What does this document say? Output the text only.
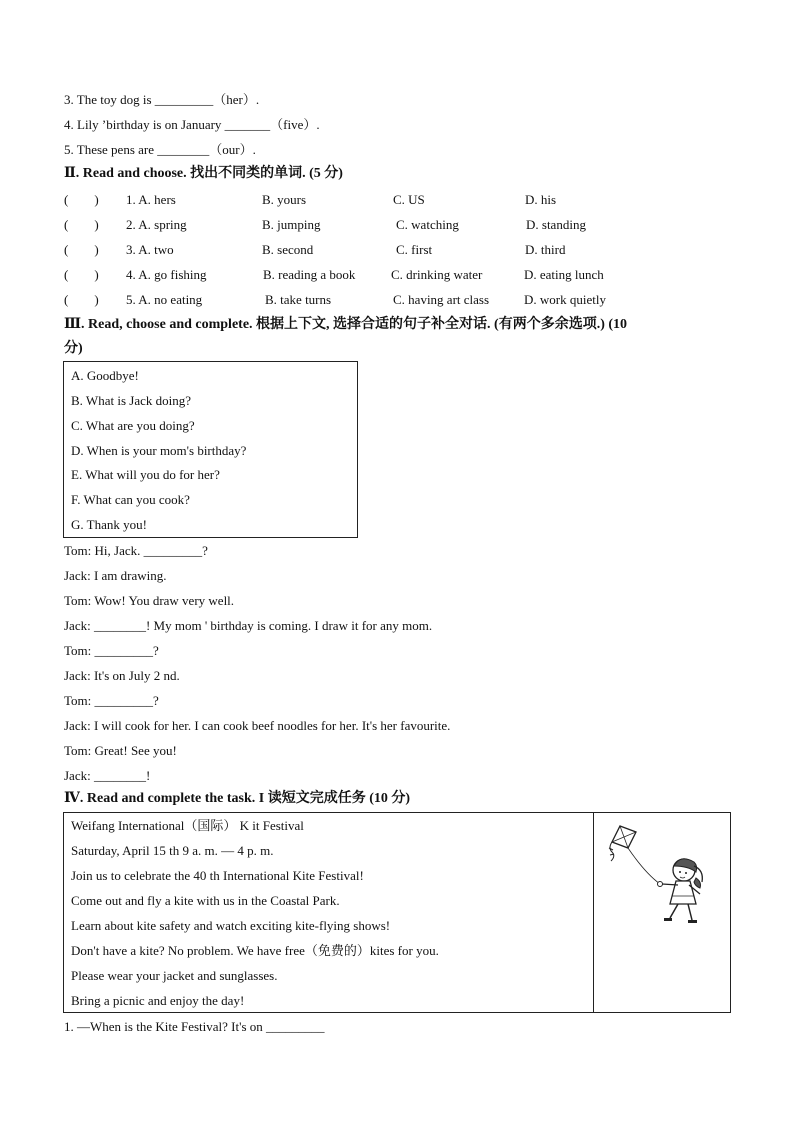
3. The toy dog is _________（her）.
4. Lily ’birthday is on January _______（five）.
5. These pens are ________（our）.
Ⅱ. Read and choose. 找出不同类的单词. (5 分)
(　　) 1. A. hers	B. yours	C. US	D. his
(　　) 2. A. spring	B. jumping	C. watching	D. standing
(　　) 3. A. two	B. second	C. first	D. third
(　　) 4. A. go fishing	B. reading a book	C. drinking water	D. eating lunch
(　　) 5. A. no eating	B. take turns	C. having art class	D. work quietly
Ⅲ. Read, choose and complete. 根据上下文, 选择合适的句子补全对话. (有两个多余选项.) (10
分)
A. Goodbye!
B. What is Jack doing?
C. What are you doing?
D. When is your mom's birthday?
E. What will you do for her?
F. What can you cook?
G. Thank you!
Tom: Hi, Jack. _________?
Jack: I am drawing.
Tom: Wow! You draw very well.
Jack: ________! My mom ' birthday is coming. I draw it for any mom.
Tom: _________?
Jack: It's on July 2 nd.
Tom: _________?
Jack: I will cook for her. I can cook beef noodles for her. It's her favourite.
Tom: Great! See you!
Jack: ________!
Ⅳ. Read and complete the task. I 读短文完成任务 (10 分)
Weifang International（国际） K it Festival
Saturday, April 15 th 9 a. m. — 4 p. m.
Join us to celebrate the 40 th International Kite Festival!
Come out and fly a kite with us in the Coastal Park.
Learn about kite safety and watch exciting kite-flying shows!
Don't have a kite? No problem. We have free（免费的）kites for you.
Please wear your jacket and sunglasses.
Bring a picnic and enjoy the day!
1. —When is the Kite Festival? It's on _________
